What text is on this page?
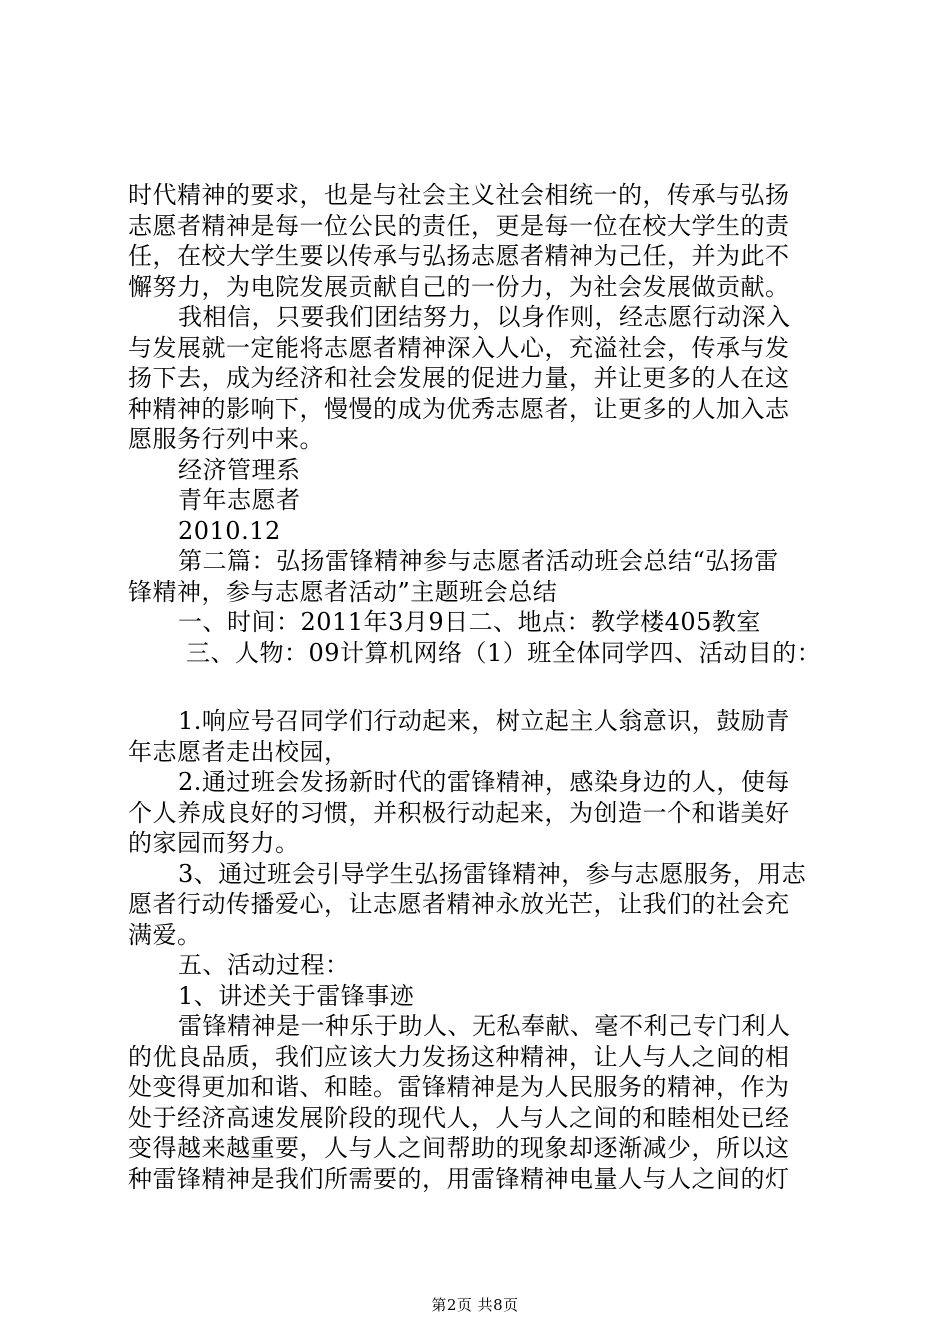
时代精神的要求，也是与社会主义社会相统一的，传承与弘扬
志愿者精神是每一位公民的责任，更是每一位在校大学生的责
任，在校大学生要以传承与弘扬志愿者精神为己任，并为此不
懈努力，为电院发展贡献自己的一份力，为社会发展做贡献。
我相信，只要我们团结努力，以身作则，经志愿行动深入
与发展就一定能将志愿者精神深入人心，充溢社会，传承与发
扬下去，成为经济和社会发展的促进力量，并让更多的人在这
种精神的影响下，慢慢的成为优秀志愿者，让更多的人加入志
愿服务行列中来。
经济管理系
青年志愿者
2010.12
第二篇：弘扬雷锋精神参与志愿者活动班会总结“弘扬雷
锋精神，参与志愿者活动”主题班会总结
一、时间：2011年3月9日二、地点：教学楼405教室
三、人物：09计算机网络（1）班全体同学四、活动目的：
1.响应号召同学们行动起来，树立起主人翁意识，鼓励青
年志愿者走出校园，
2.通过班会发扬新时代的雷锋精神，感染身边的人，使每
个人养成良好的习惯，并积极行动起来，为创造一个和谐美好
的家园而努力。
3、通过班会引导学生弘扬雷锋精神，参与志愿服务，用志
愿者行动传播爱心，让志愿者精神永放光芒，让我们的社会充
满爱。
五、活动过程：
1、讲述关于雷锋事迹
雷锋精神是一种乐于助人、无私奉献、毫不利己专门利人
的优良品质，我们应该大力发扬这种精神，让人与人之间的相
处变得更加和谐、和睦。雷锋精神是为人民服务的精神，作为
处于经济高速发展阶段的现代人，人与人之间的和睦相处已经
变得越来越重要，人与人之间帮助的现象却逐渐减少，所以这
种雷锋精神是我们所需要的，用雷锋精神电量人与人之间的灯
第2页 共8页
